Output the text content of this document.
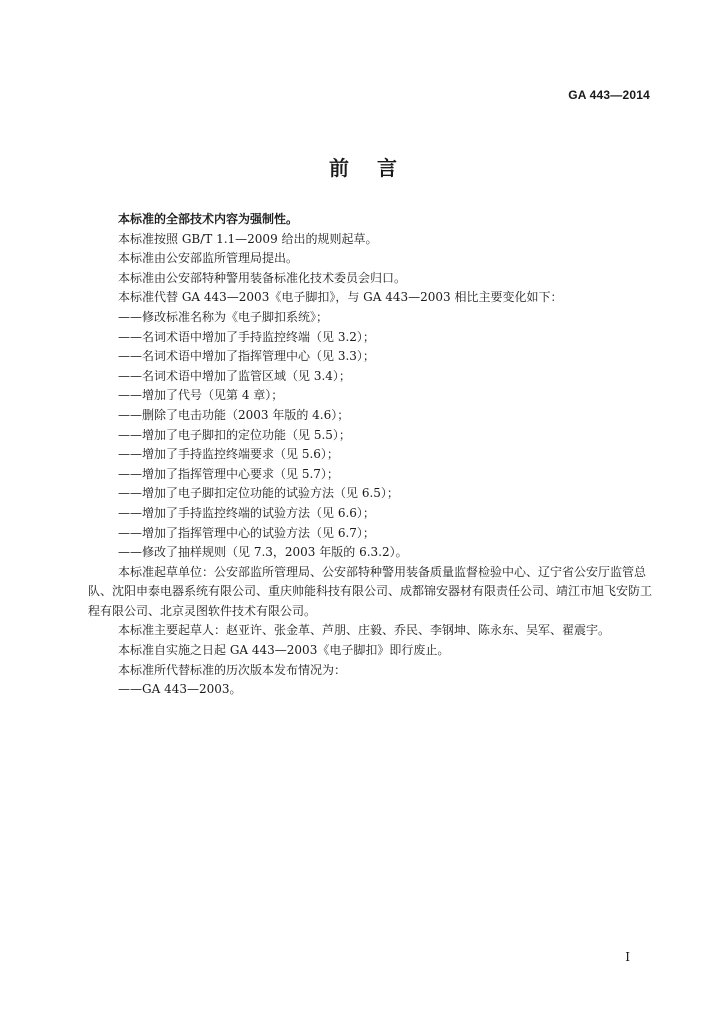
GA 443—2014
前言

本标准的全部技术内容为强制性。

本标准按照 GB/T 1.1—2009 给出的规则起草。

本标准由公安部监所管理局提出。

本标准由公安部特种警用装备标准化技术委员会归口。

本标准代替 GA 443—2003《电子脚扣》，与 GA 443—2003 相比主要变化如下：

——修改标准名称为《电子脚扣系统》；

——名词术语中增加了手持监控终端（见 3.2）；

——名词术语中增加了指挥管理中心（见 3.3）；

——名词术语中增加了监管区域（见 3.4）；

——增加了代号（见第 4 章）；

——删除了电击功能（2003 年版的 4.6）；

——增加了电子脚扣的定位功能（见 5.5）；

——增加了手持监控终端要求（见 5.6）；

——增加了指挥管理中心要求（见 5.7）；

——增加了电子脚扣定位功能的试验方法（见 6.5）；

——增加了手持监控终端的试验方法（见 6.6）；

——增加了指挥管理中心的试验方法（见 6.7）；

——修改了抽样规则（见 7.3，2003 年版的 6.3.2）。

本标准起草单位：公安部监所管理局、公安部特种警用装备质量监督检验中心、辽宁省公安厅监管总队、沈阳申泰电器系统有限公司、重庆帅能科技有限公司、成都锦安器材有限责任公司、靖江市旭飞安防工程有限公司、北京灵图软件技术有限公司。

本标准主要起草人：赵亚许、张金革、芦朋、庄毅、乔民、李钢坤、陈永东、吴军、翟震宇。

本标准自实施之日起 GA 443—2003《电子脚扣》即行废止。

本标准所代替标准的历次版本发布情况为：

——GA 443—2003。

I
